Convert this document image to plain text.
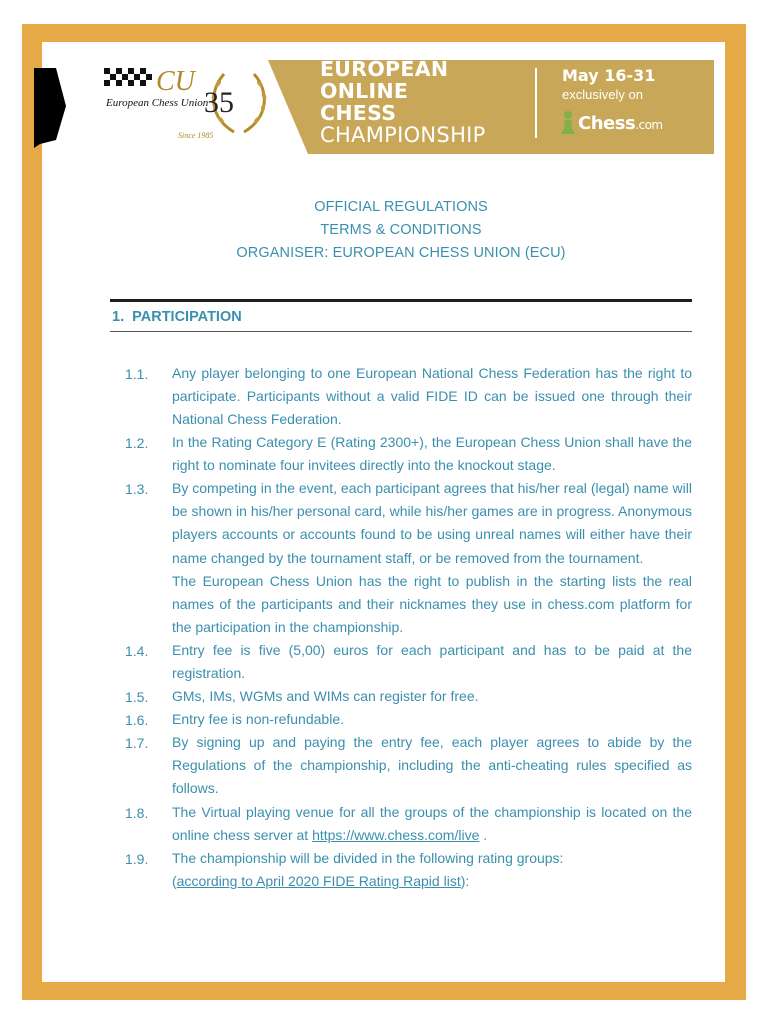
CU
35
European Chess Union
Since 1985
EUROPEAN
ONLINE
CHESS
CHAMPIONSHIP
May 16-31
exclusively on
Chess.com
OFFICIAL REGULATIONS
TERMS & CONDITIONS
ORGANISER: EUROPEAN CHESS UNION (ECU)
1. PARTICIPATION
1.1. Any player belonging to one European National Chess Federation has the right to participate. Participants without a valid FIDE ID can be issued one through their National Chess Federation.
1.2. In the Rating Category E (Rating 2300+), the European Chess Union shall have the right to nominate four invitees directly into the knockout stage.
1.3. By competing in the event, each participant agrees that his/her real (legal) name will be shown in his/her personal card, while his/her games are in progress. Anonymous players accounts or accounts found to be using unreal names will either have their name changed by the tournament staff, or be removed from the tournament.
The European Chess Union has the right to publish in the starting lists the real names of the participants and their nicknames they use in chess.com platform for the participation in the championship.
1.4. Entry fee is five (5,00) euros for each participant and has to be paid at the registration.
1.5. GMs, IMs, WGMs and WIMs can register for free.
1.6. Entry fee is non-refundable.
1.7. By signing up and paying the entry fee, each player agrees to abide by the Regulations of the championship, including the anti-cheating rules specified as follows.
1.8. The Virtual playing venue for all the groups of the championship is located on the online chess server at https://www.chess.com/live .
1.9. The championship will be divided in the following rating groups:
(according to April 2020 FIDE Rating Rapid list):
